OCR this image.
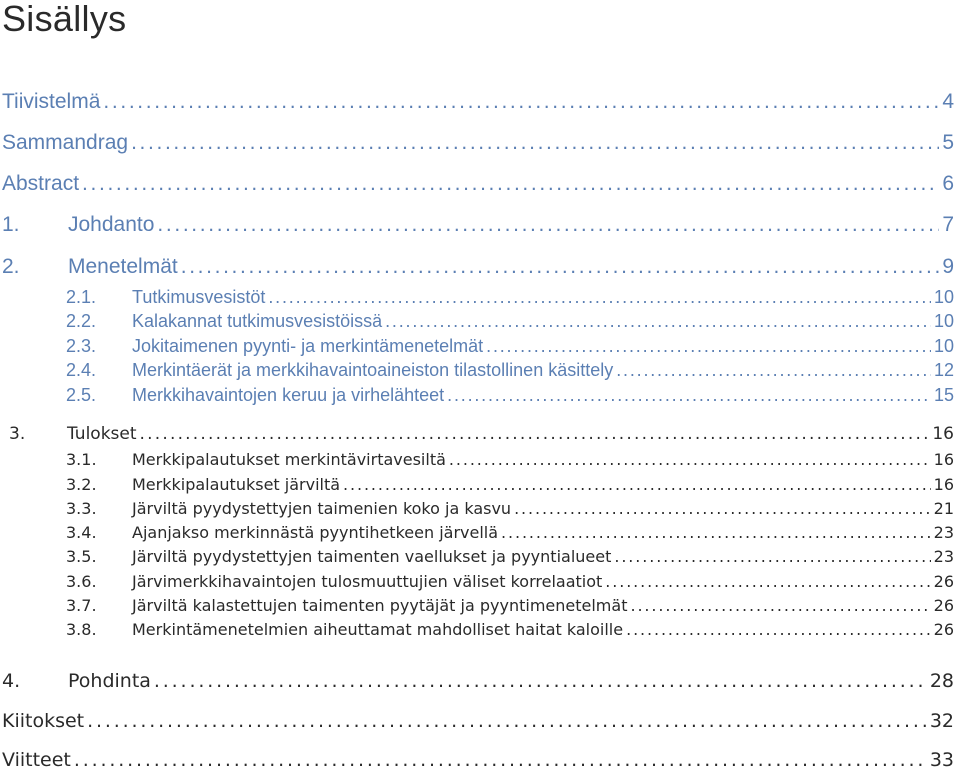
Sisällys
Tiivistelmä . . .	4
Sammandrag . . .	5
Abstract . . .	6
1.	Johdanto . . .	7
2.	Menetelmät . . .	9
2.1.	Tutkimusvesistöt . . .	10
2.2.	Kalakannat tutkimusvesistöissä . . .	10
2.3.	Jokitaimenen pyynti- ja merkintämenetelmät . . .	10
2.4.	Merkintäerät ja merkkihavaintoaineiston tilastollinen käsittely . . .	12
2.5.	Merkkihavaintojen keruu ja virhelähteet . . .	15
3.	Tulokset . . .	16
3.1.	Merkkipalautukset merkintävirtavesiltä . . .	16
3.2.	Merkkipalautukset järviltä . . .	16
3.3.	Järviltä pyydystettyjen taimenien koko ja kasvu . . .	21
3.4.	Ajanjakso merkinnästä pyyntihetkeen järvellä . . .	23
3.5.	Järviltä pyydystettyjen taimenten vaellukset ja pyyntialueet . . .	23
3.6.	Järvimerkkihavaintojen tulosmuuttujien väliset korrelaatiot . . .	26
3.7.	Järviltä kalastettujen taimenten pyytäjät ja pyyntimenetelmät . . .	26
3.8.	Merkintämenetelmien aiheuttamat mahdolliset haitat kaloille . . .	26
4.	Pohdinta . . .	28
Kiitokset . . .	32
Viitteet . . .	33
